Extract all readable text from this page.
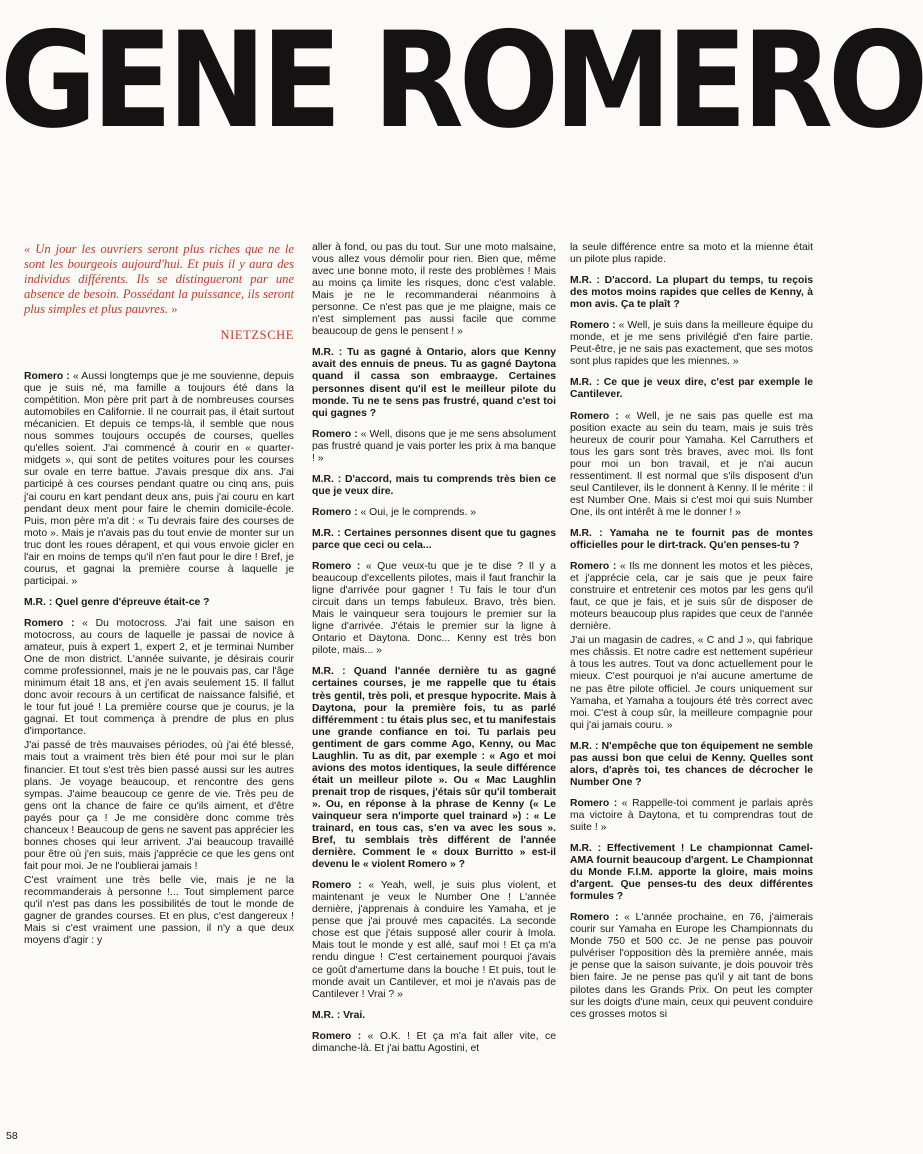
GENE ROMERO

« Un jour les ouvriers seront plus riches que ne le sont les bourgeois aujourd'hui. Et puis il y aura des individus différents. Ils se distingueront par une absence de besoin. Possédant la puissance, ils seront plus simples et plus pauvres. »

NIETZSCHE

Romero : « Aussi longtemps que je me souvienne, depuis que je suis né, ma famille a toujours été dans la compétition. Mon père prit part à de nombreuses courses automobiles en Californie. Il ne courrait pas, il était surtout mécanicien. Et depuis ce temps-là, il semble que nous nous sommes toujours occupés de courses, quelles qu'elles soient. J'ai commencé à courir en « quarter-midgets », qui sont de petites voitures pour les courses sur ovale en terre battue. J'avais presque dix ans. J'ai participé à ces courses pendant quatre ou cinq ans, puis j'ai couru en kart pendant deux ans, puis j'ai couru en kart pendant deux ment pour faire le chemin domicile-école. Puis, mon père m'a dit : « Tu devrais faire des courses de moto ». Mais je n'avais pas du tout envie de monter sur un truc dont les roues dérapent, et qui vous envoie gicler en l'air en moins de temps qu'il n'en faut pour le dire ! Bref, je courus, et gagnai la première course à laquelle je participai. »

M.R. : Quel genre d'épreuve était-ce ?

Romero : « Du motocross. J'ai fait une saison en motocross, au cours de laquelle je passai de novice à amateur, puis à expert 1, expert 2, et je terminai Number One de mon district. L'année suivante, je désirais courir comme professionnel, mais je ne le pouvais pas, car l'âge minimum était 18 ans, et j'en avais seulement 15. Il fallut donc avoir recours à un certificat de naissance falsifié, et le tour fut joué ! La première course que je courus, je la gagnai. Et tout commença à prendre de plus en plus d'importance.

J'ai passé de très mauvaises périodes, où j'ai été blessé, mais tout a vraiment très bien été pour moi sur le plan financier. Et tout s'est très bien passé aussi sur les autres plans. Je voyage beaucoup, et rencontre des gens sympas. J'aime beaucoup ce genre de vie. Très peu de gens ont la chance de faire ce qu'ils aiment, et d'être payés pour ça ! Je me considère donc comme très chanceux ! Beaucoup de gens ne savent pas apprécier les bonnes choses qui leur arrivent. J'ai beaucoup travaillé pour être où j'en suis, mais j'apprécie ce que les gens ont fait pour moi. Je ne l'oublierai jamais !

C'est vraiment une très belle vie, mais je ne la recommanderais à personne !... Tout simplement parce qu'il n'est pas dans les possibilités de tout le monde de gagner de grandes courses. Et en plus, c'est dangereux ! Mais si c'est vraiment une passion, il n'y a que deux moyens d'agir : y

aller à fond, ou pas du tout. Sur une moto malsaine, vous allez vous démolir pour rien. Bien que, même avec une bonne moto, il reste des problèmes ! Mais au moins ça limite les risques, donc c'est valable. Mais je ne le recommanderai néanmoins à personne. Ce n'est pas que je me plaigne, mais ce n'est simplement pas aussi facile que comme beaucoup de gens le pensent ! »

M.R. : Tu as gagné à Ontario, alors que Kenny avait des ennuis de pneus. Tu as gagné Daytona quand il cassa son embraayge. Certaines personnes disent qu'il est le meilleur pilote du monde. Tu ne te sens pas frustré, quand c'est toi qui gagnes ?

Romero : « Well, disons que je me sens absolument pas frustré quand je vais porter les prix à ma banque ! »

M.R. : D'accord, mais tu comprends très bien ce que je veux dire.

Romero : « Oui, je le comprends. »

M.R. : Certaines personnes disent que tu gagnes parce que ceci ou cela...

Romero : « Que veux-tu que je te dise ? Il y a beaucoup d'excellents pilotes, mais il faut franchir la ligne d'arrivée pour gagner ! Tu fais le tour d'un circuit dans un temps fabuleux. Bravo, très bien. Mais le vainqueur sera toujours le premier sur la ligne d'arrivée. J'étais le premier sur la ligne à Ontario et Daytona. Donc... Kenny est très bon pilote, mais... »

M.R. : Quand l'année dernière tu as gagné certaines courses, je me rappelle que tu étais très gentil, très poli, et presque hypocrite. Mais à Daytona, pour la première fois, tu as parlé différemment : tu étais plus sec, et tu manifestais une grande confiance en toi. Tu parlais peu gentiment de gars comme Ago, Kenny, ou Mac Laughlin. Tu as dit, par exemple : « Ago et moi avions des motos identiques, la seule différence était un meilleur pilote ». Ou « Mac Laughlin prenait trop de risques, j'étais sûr qu'il tomberait ». Ou, en réponse à la phrase de Kenny (« Le vainqueur sera n'importe quel trainard ») : « Le trainard, en tous cas, s'en va avec les sous ». Bref, tu semblais très différent de l'année dernière. Comment le « doux Burritto » est-il devenu le « violent Romero » ?

Romero : « Yeah, well, je suis plus violent, et maintenant je veux le Number One ! L'année dernière, j'apprenais à conduire les Yamaha, et je pense que j'ai prouvé mes capacités. La seconde chose est que j'étais supposé aller courir à Imola. Mais tout le monde y est allé, sauf moi ! Et ça m'a rendu dingue ! C'est certainement pourquoi j'avais ce goût d'amertume dans la bouche ! Et puis, tout le monde avait un Cantilever, et moi je n'avais pas de Cantilever ! Vrai ? »

M.R. : Vrai.

Romero : « O.K. ! Et ça m'a fait aller vite, ce dimanche-là. Et j'ai battu Agostini, et

la seule différence entre sa moto et la mienne était un pilote plus rapide.

M.R. : D'accord. La plupart du temps, tu reçois des motos moins rapides que celles de Kenny, à mon avis. Ça te plaît ?

Romero : « Well, je suis dans la meilleure équipe du monde, et je me sens privilégié d'en faire partie. Peut-être, je ne sais pas exactement, que ses motos sont plus rapides que les miennes. »

M.R. : Ce que je veux dire, c'est par exemple le Cantilever.

Romero : « Well, je ne sais pas quelle est ma position exacte au sein du team, mais je suis très heureux de courir pour Yamaha. Kel Carruthers et tous les gars sont très braves, avec moi. Ils font pour moi un bon travail, et je n'ai aucun ressentiment. Il est normal que s'ils disposent d'un seul Cantilever, ils le donnent à Kenny. Il le mérite : il est Number One. Mais si c'est moi qui suis Number One, ils ont intérêt à me le donner ! »

M.R. : Yamaha ne te fournit pas de montes officielles pour le dirt-track. Qu'en penses-tu ?

Romero : « Ils me donnent les motos et les pièces, et j'apprécie cela, car je sais que je peux faire construire et entretenir ces motos par les gens qu'il faut, ce que je fais, et je suis sûr de disposer de moteurs beaucoup plus rapides que ceux de l'année dernière.

J'ai un magasin de cadres, « C and J », qui fabrique mes châssis. Et notre cadre est nettement supérieur à tous les autres. Tout va donc actuellement pour le mieux. C'est pourquoi je n'ai aucune amertume de ne pas être pilote officiel. Je cours uniquement sur Yamaha, et Yamaha a toujours été très correct avec moi. C'est à coup sûr, la meilleure compagnie pour qui j'ai jamais couru. »

M.R. : N'empêche que ton équipement ne semble pas aussi bon que celui de Kenny. Quelles sont alors, d'après toi, tes chances de décrocher le Number One ?

Romero : « Rappelle-toi comment je parlais après ma victoire à Daytona, et tu comprendras tout de suite ! »

M.R. : Effectivement ! Le championnat Camel-AMA fournit beaucoup d'argent. Le Championnat du Monde F.I.M. apporte la gloire, mais moins d'argent. Que penses-tu des deux différentes formules ?

Romero : « L'année prochaine, en 76, j'aimerais courir sur Yamaha en Europe les Championnats du Monde 750 et 500 cc. Je ne pense pas pouvoir pulvériser l'opposition dès la première année, mais je pense que la saison suivante, je dois pouvoir très bien faire. Je ne pense pas qu'il y ait tant de bons pilotes dans les Grands Prix. On peut les compter sur les doigts d'une main, ceux qui peuvent conduire ces grosses motos si

58
